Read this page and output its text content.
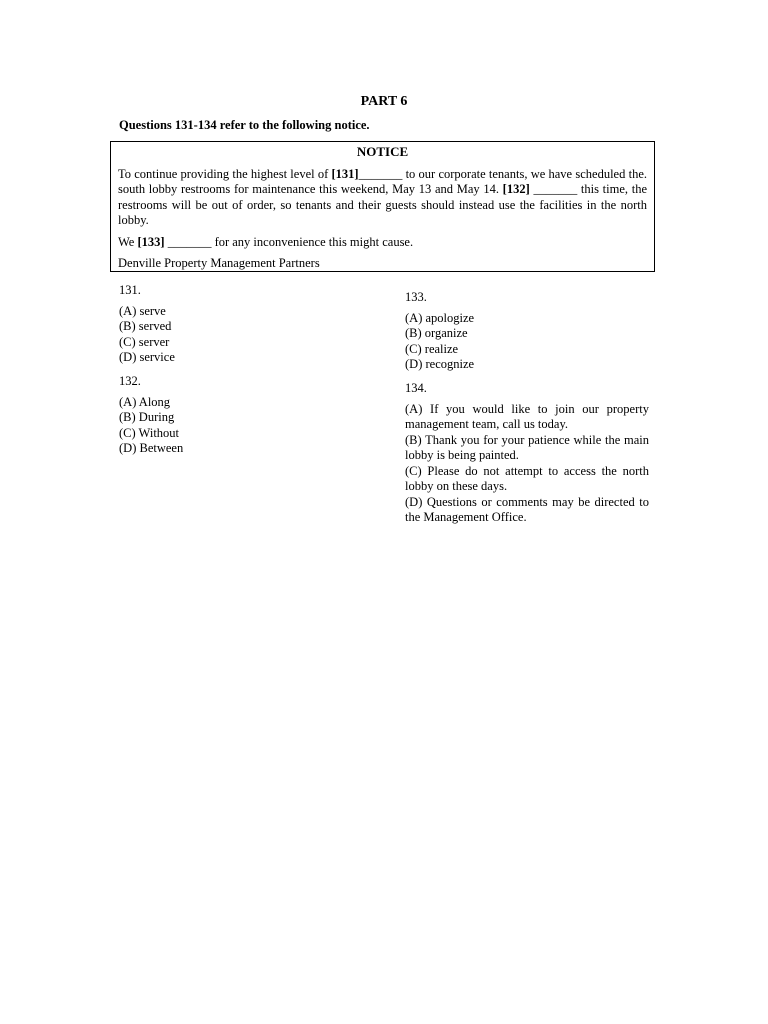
PART 6
Questions 131-134 refer to the following notice.
NOTICE

To continue providing the highest level of [131]_______ to our corporate tenants, we have scheduled the. south lobby restrooms for maintenance this weekend, May 13 and May 14. [132] _______ this time, the restrooms will be out of order, so tenants and their guests should instead use the facilities in the north lobby.

We [133] _______ for any inconvenience this might cause.

Denville Property Management Partners
131.
(A) serve
(B) served
(C) server
(D) service
132.
(A) Along
(B) During
(C) Without
(D) Between
133.
(A) apologize
(B) organize
(C) realize
(D) recognize
134.
(A) If you would like to join our property management team, call us today.
(B) Thank you for your patience while the main lobby is being painted.
(C) Please do not attempt to access the north lobby on these days.
(D) Questions or comments may be directed to the Management Office.
